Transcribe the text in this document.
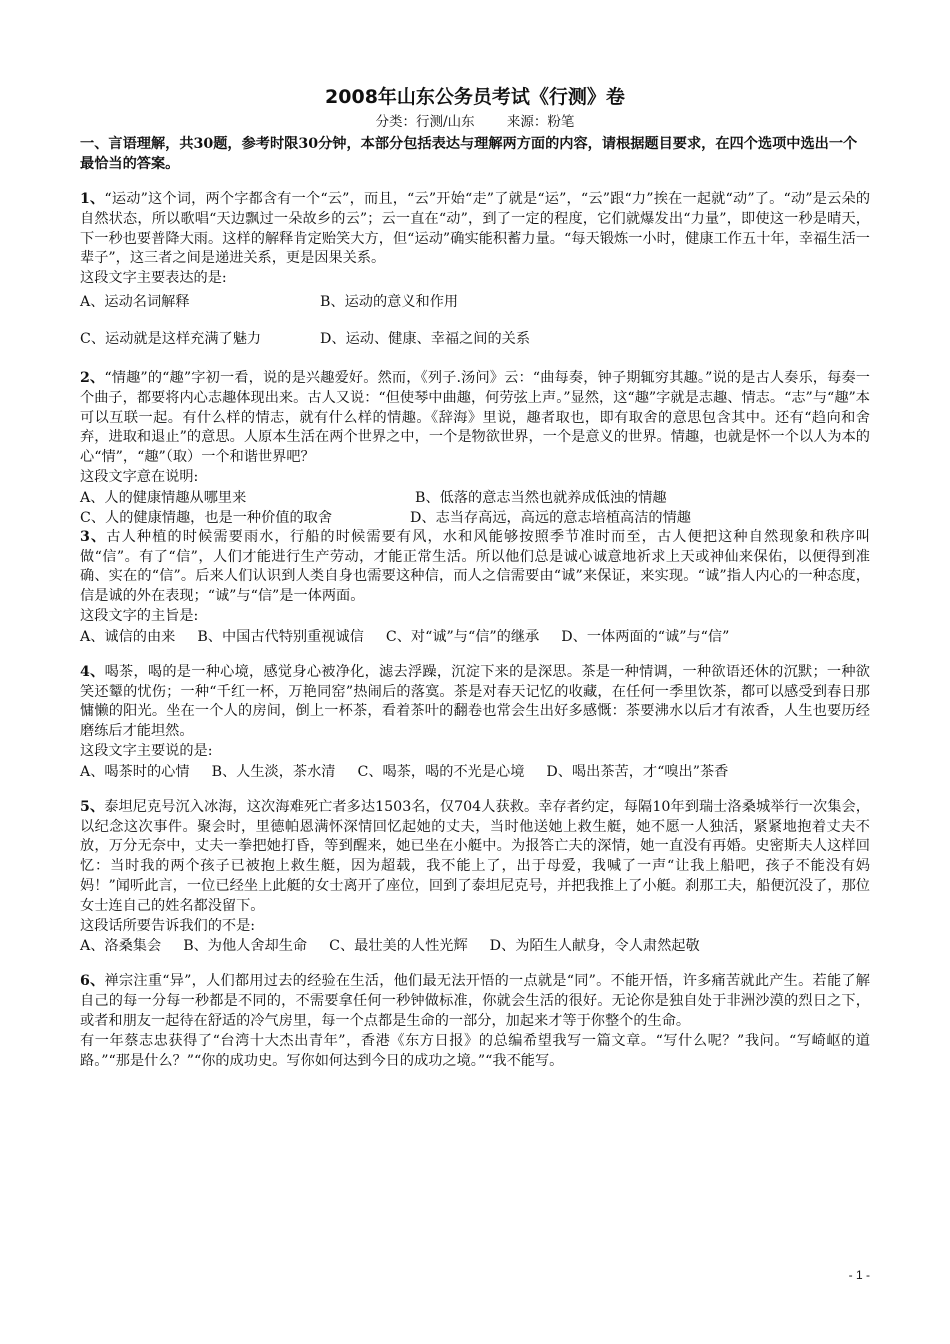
2008年山东公务员考试《行测》卷
分类：行测/山东 来源：粉笔
一、言语理解，共30题，参考时限30分钟，本部分包括表达与理解两方面的内容，请根据题目要求，在四个选项中选出一个最恰当的答案。

1、“运动”这个词，两个字都含有一个“云”，而且，“云”开始“走”了就是“运”，“云”跟“力”挨在一起就“动”了。“动”是云朵的自然状态，所以歌唱“天边飘过一朵故乡的云”；云一直在“动”，到了一定的程度，它们就爆发出“力量”，即使这一秒是晴天，下一秒也要普降大雨。这样的解释肯定贻笑大方，但“运动”确实能积蓄力量。“每天锻炼一小时，健康工作五十年，幸福生活一辈子”，这三者之间是递进关系，更是因果关系。

这段文字主要表达的是:

A、运动名词解释	B、运动的意义和作用
C、运动就是这样充满了魅力	D、运动、健康、幸福之间的关系

2、“情趣”的“趣”字初一看，说的是兴趣爱好。然而，《列子.汤问》云：“曲每奏，钟子期辄穷其趣。”说的是古人奏乐，每奏一个曲子，都要将内心志趣体现出来。古人又说：“但使琴中曲趣，何劳弦上声。”显然，这“趣”字就是志趣、情志。“志”与“趣”本可以互联一起。有什么样的情志，就有什么样的情趣。《辞海》里说，趣者取也，即有取舍的意思包含其中。还有“趋向和舍弃，进取和退止”的意思。人原本生活在两个世界之中，一个是物欲世界，一个是意义的世界。情趣，也就是怀一个以人为本的心“情”，“趣”（取）一个和谐世界吧？

这段文字意在说明:

A、人的健康情趣从哪里来	B、低落的意志当然也就养成低浊的情趣
C、人的健康情趣，也是一种价值的取舍	D、志当存高远，高远的意志培植高洁的情趣

3、古人种植的时候需要雨水，行船的时候需要有风，水和风能够按照季节准时而至，古人便把这种自然现象和秩序叫做“信”。有了“信”，人们才能进行生产劳动，才能正常生活。所以他们总是诚心诚意地祈求上天或神仙来保佑，以便得到准确、实在的“信”。后来人们认识到人类自身也需要这种信，而人之信需要由“诚”来保证，来实现。“诚”指人内心的一种态度，信是诚的外在表现；“诚”与“信”是一体两面。

这段文字的主旨是:

A、诚信的由来 B、中国古代特别重视诚信 C、对“诚”与“信”的继承 D、一体两面的“诚”与“信”

4、喝茶，喝的是一种心境，感觉身心被净化，滤去浮躁，沉淀下来的是深思。茶是一种情调，一种欲语还休的沉默；一种欲笑还颦的忧伤；一种“千红一杯，万艳同窑”热闹后的落寞。茶是对春天记忆的收藏，在任何一季里饮茶，都可以感受到春日那慵懒的阳光。坐在一个人的房间，倒上一杯茶，看着茶叶的翻卷也常会生出好多感慨：茶要沸水以后才有浓香，人生也要历经磨练后才能坦然。

这段文字主要说的是:

A、喝茶时的心情 B、人生淡，茶水清 C、喝茶，喝的不光是心境 D、喝出茶苦，才“嗅出”茶香

5、泰坦尼克号沉入冰海，这次海难死亡者多达1503名，仅704人获救。幸存者约定，每隔10年到瑞士洛桑城举行一次集会，以纪念这次事件。聚会时，里德帕恩满怀深情回忆起她的丈夫，当时他送她上救生艇，她不愿一人独活，紧紧地抱着丈夫不放，万分无奈中，丈夫一拳把她打昏，等到醒来，她已坐在小艇中。为报答亡夫的深情，她一直没有再婚。史密斯夫人这样回忆：当时我的两个孩子已被抱上救生艇，因为超载，我不能上了，出于母爱，我喊了一声“让我上船吧，孩子不能没有妈妈！”闻听此言，一位已经坐上此艇的女士离开了座位，回到了泰坦尼克号，并把我推上了小艇。刹那工夫，船便沉没了，那位女士连自己的姓名都没留下。

这段话所要告诉我们的不是:

A、洛桑集会 B、为他人舍却生命 C、最壮美的人性光辉 D、为陌生人献身，令人肃然起敬

6、禅宗注重“异”，人们都用过去的经验在生活，他们最无法开悟的一点就是“同”。不能开悟，许多痛苦就此产生。若能了解自己的每一分每一秒都是不同的，不需要拿任何一秒钟做标准，你就会生活的很好。无论你是独自处于非洲沙漠的烈日之下，或者和朋友一起待在舒适的冷气房里，每一个点都是生命的一部分，加起来才等于你整个的生命。

有一年蔡志忠获得了“台湾十大杰出青年”，香港《东方日报》的总编希望我写一篇文章。“写什么呢？”我问。“写崎岖的道路。”“那是什么？”“你的成功史。写你如何达到今日的成功之境。”“我不能写。

- 1 -
